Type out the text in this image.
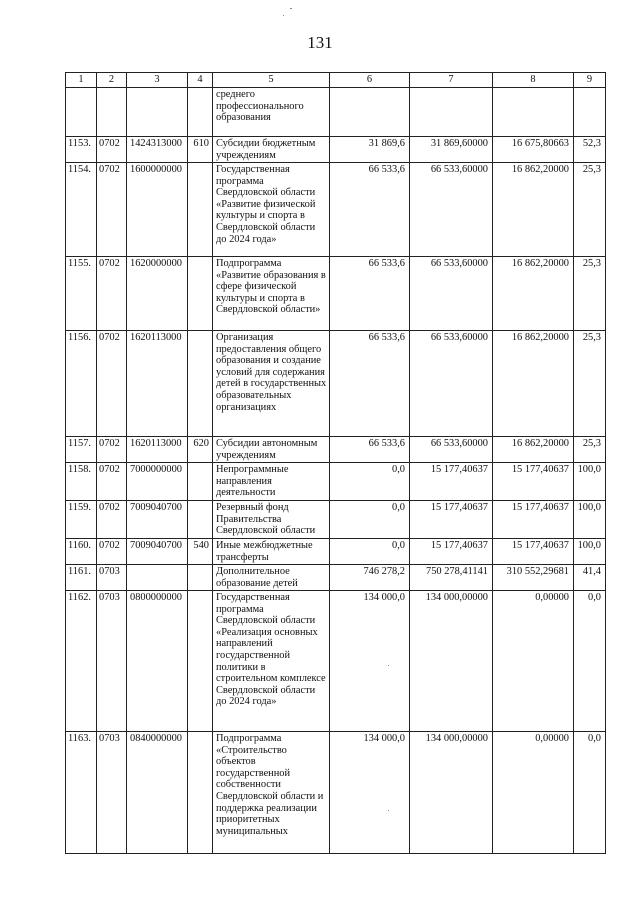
131
1	2	3	4	5	6	7	8	9
				среднего профессионального образования				
1153.	0702	1424313000	610	Субсидии бюджетным учреждениям	31 869,6	31 869,60000	16 675,80663	52,3
1154.	0702	1600000000		Государственная программа Свердловской области «Развитие физической культуры и спорта в Свердловской области до 2024 года»	66 533,6	66 533,60000	16 862,20000	25,3
1155.	0702	1620000000		Подпрограмма «Развитие образования в сфере физической культуры и спорта в Свердловской области»	66 533,6	66 533,60000	16 862,20000	25,3
1156.	0702	1620113000		Организация предоставления общего образования и создание условий для содержания детей в государственных образовательных организациях	66 533,6	66 533,60000	16 862,20000	25,3
1157.	0702	1620113000	620	Субсидии автономным учреждениям	66 533,6	66 533,60000	16 862,20000	25,3
1158.	0702	7000000000		Непрограммные направления деятельности	0,0	15 177,40637	15 177,40637	100,0
1159.	0702	7009040700		Резервный фонд Правительства Свердловской области	0,0	15 177,40637	15 177,40637	100,0
1160.	0702	7009040700	540	Иные межбюджетные трансферты	0,0	15 177,40637	15 177,40637	100,0
1161.	0703			Дополнительное образование детей	746 278,2	750 278,41141	310 552,29681	41,4
1162.	0703	0800000000		Государственная программа Свердловской области «Реализация основных направлений государственной политики в строительном комплексе Свердловской области до 2024 года»	134 000,0	134 000,00000	0,00000	0,0
1163.	0703	0840000000		Подпрограмма «Строительство объектов государственной собственности Свердловской области и поддержка реализации приоритетных муниципальных	134 000,0	134 000,00000	0,00000	0,0
